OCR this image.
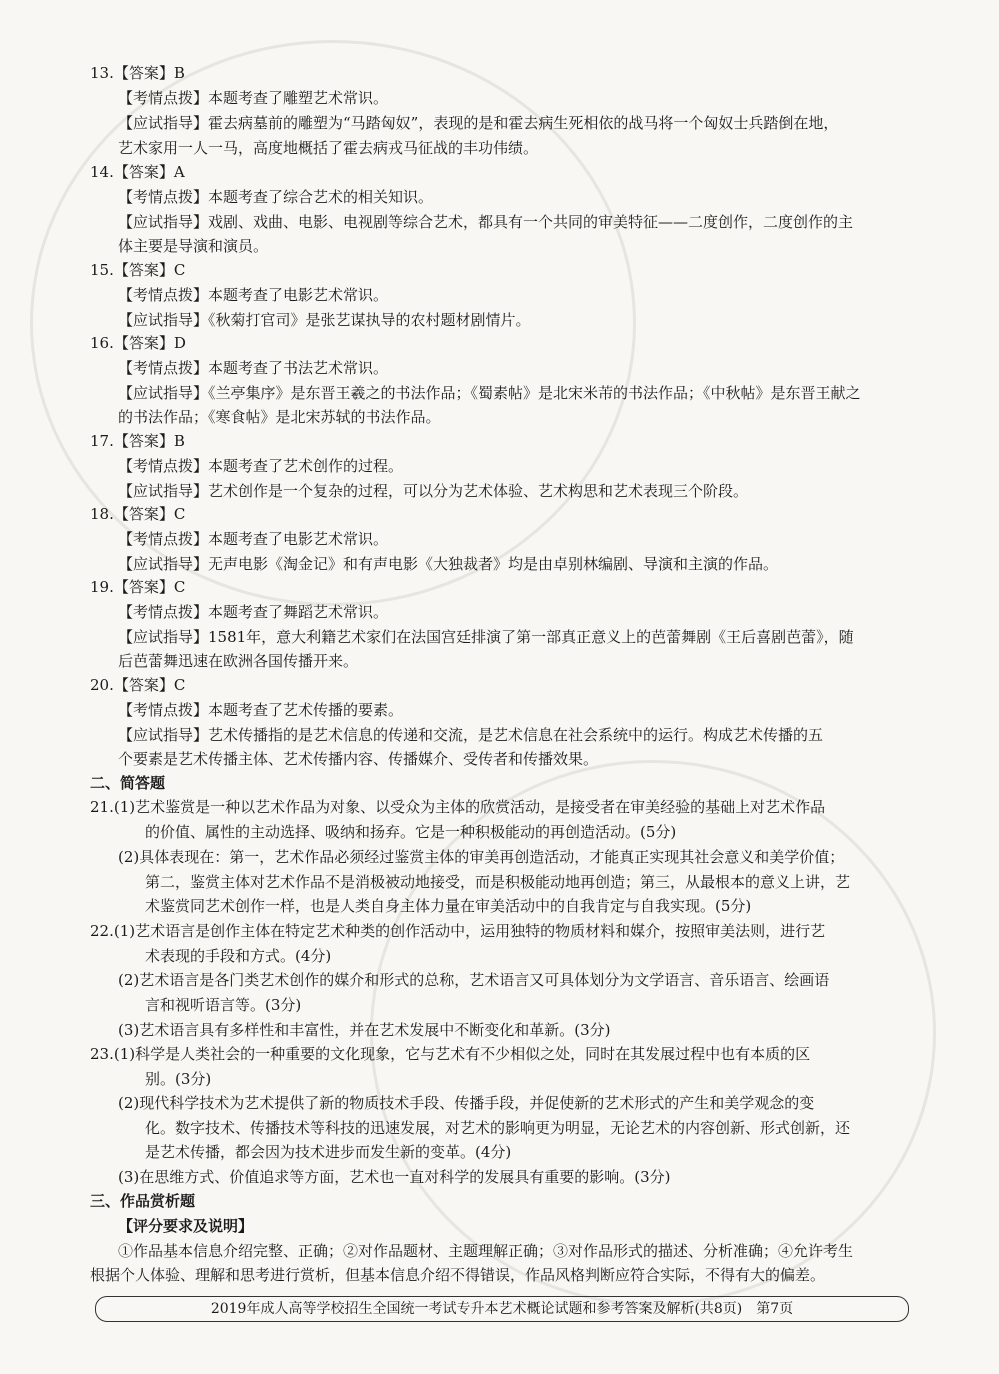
13.【答案】B
【考情点拨】本题考查了雕塑艺术常识。
【应试指导】霍去病墓前的雕塑为“马踏匈奴”，表现的是和霍去病生死相依的战马将一个匈奴士兵踏倒在地，
艺术家用一人一马，高度地概括了霍去病戎马征战的丰功伟绩。
14.【答案】A
【考情点拨】本题考查了综合艺术的相关知识。
【应试指导】戏剧、戏曲、电影、电视剧等综合艺术，都具有一个共同的审美特征——二度创作，二度创作的主
体主要是导演和演员。
15.【答案】C
【考情点拨】本题考查了电影艺术常识。
【应试指导】《秋菊打官司》是张艺谋执导的农村题材剧情片。
16.【答案】D
【考情点拨】本题考查了书法艺术常识。
【应试指导】《兰亭集序》是东晋王羲之的书法作品；《蜀素帖》是北宋米芾的书法作品；《中秋帖》是东晋王献之
的书法作品；《寒食帖》是北宋苏轼的书法作品。
17.【答案】B
【考情点拨】本题考查了艺术创作的过程。
【应试指导】艺术创作是一个复杂的过程，可以分为艺术体验、艺术构思和艺术表现三个阶段。
18.【答案】C
【考情点拨】本题考查了电影艺术常识。
【应试指导】无声电影《淘金记》和有声电影《大独裁者》均是由卓别林编剧、导演和主演的作品。
19.【答案】C
【考情点拨】本题考查了舞蹈艺术常识。
【应试指导】1581年，意大利籍艺术家们在法国宫廷排演了第一部真正意义上的芭蕾舞剧《王后喜剧芭蕾》，随
后芭蕾舞迅速在欧洲各国传播开来。
20.【答案】C
【考情点拨】本题考查了艺术传播的要素。
【应试指导】艺术传播指的是艺术信息的传递和交流，是艺术信息在社会系统中的运行。构成艺术传播的五
个要素是艺术传播主体、艺术传播内容、传播媒介、受传者和传播效果。
二、简答题
21.(1)艺术鉴赏是一种以艺术作品为对象、以受众为主体的欣赏活动，是接受者在审美经验的基础上对艺术作品
的价值、属性的主动选择、吸纳和扬弃。它是一种积极能动的再创造活动。(5分)
(2)具体表现在：第一，艺术作品必须经过鉴赏主体的审美再创造活动，才能真正实现其社会意义和美学价值；
第二，鉴赏主体对艺术作品不是消极被动地接受，而是积极能动地再创造；第三，从最根本的意义上讲，艺
术鉴赏同艺术创作一样，也是人类自身主体力量在审美活动中的自我肯定与自我实现。(5分)
22.(1)艺术语言是创作主体在特定艺术种类的创作活动中，运用独特的物质材料和媒介，按照审美法则，进行艺
术表现的手段和方式。(4分)
(2)艺术语言是各门类艺术创作的媒介和形式的总称，艺术语言又可具体划分为文学语言、音乐语言、绘画语
言和视听语言等。(3分)
(3)艺术语言具有多样性和丰富性，并在艺术发展中不断变化和革新。(3分)
23.(1)科学是人类社会的一种重要的文化现象，它与艺术有不少相似之处，同时在其发展过程中也有本质的区
别。(3分)
(2)现代科学技术为艺术提供了新的物质技术手段、传播手段，并促使新的艺术形式的产生和美学观念的变
化。数字技术、传播技术等科技的迅速发展，对艺术的影响更为明显，无论艺术的内容创新、形式创新，还
是艺术传播，都会因为技术进步而发生新的变革。(4分)
(3)在思维方式、价值追求等方面，艺术也一直对科学的发展具有重要的影响。(3分)
三、作品赏析题
【评分要求及说明】
①作品基本信息介绍完整、正确；②对作品题材、主题理解正确；③对作品形式的描述、分析准确；④允许考生
根据个人体验、理解和思考进行赏析，但基本信息介绍不得错误，作品风格判断应符合实际，不得有大的偏差。
2019年成人高等学校招生全国统一考试专升本艺术概论试题和参考答案及解析(共8页)　第7页
